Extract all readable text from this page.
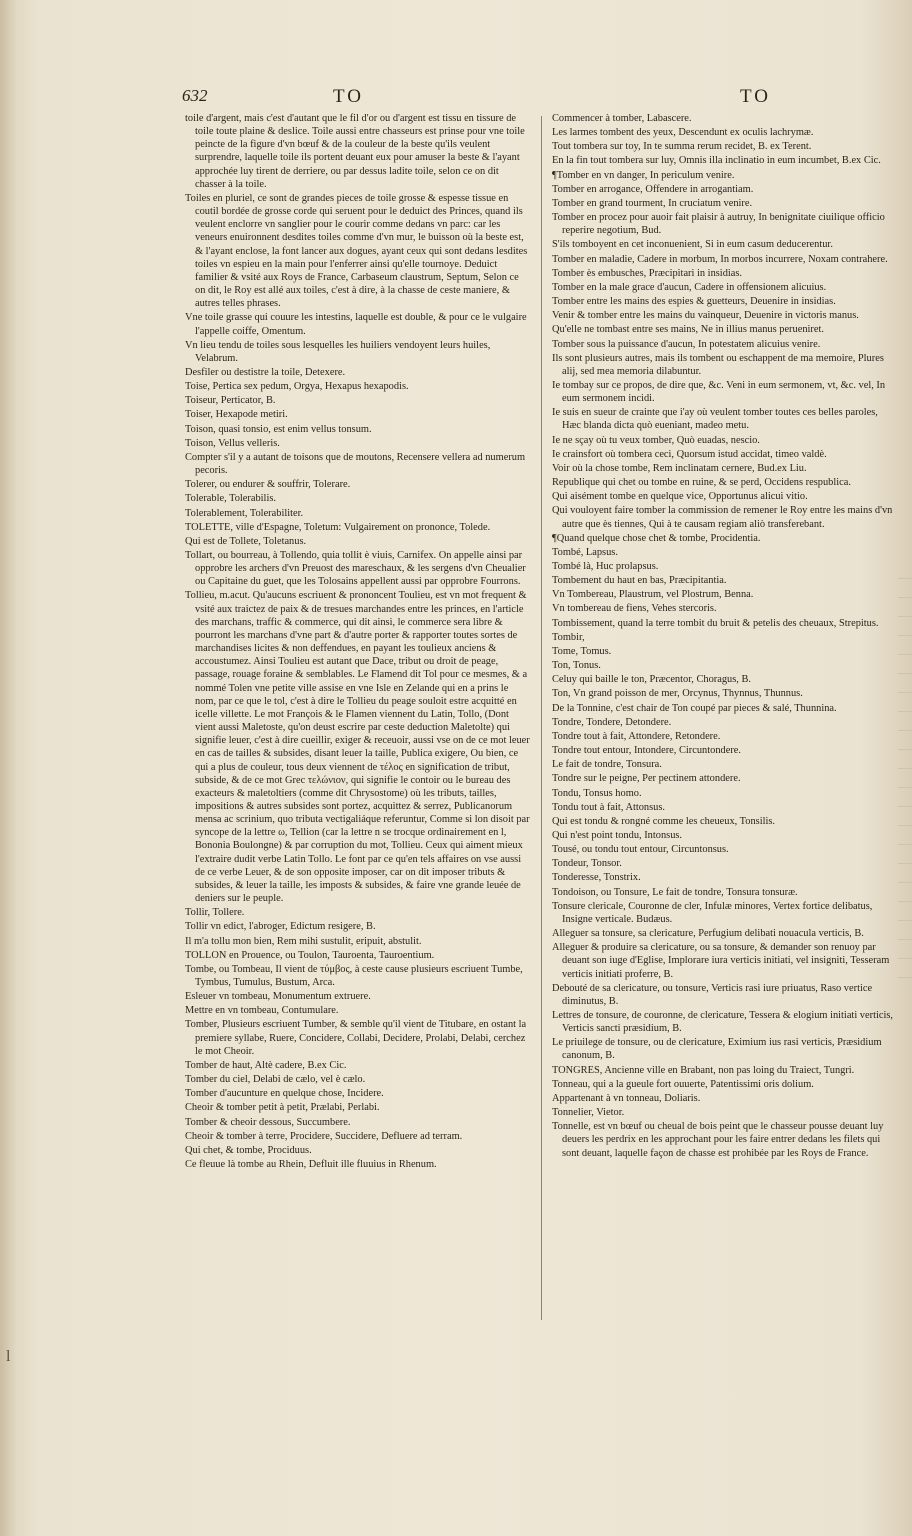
632	TO	TO

toile d'argent, mais c'est d'autant que le fil d'or ou d'argent est tissu en tissure de toile toute plaine & deslice. Toile aussi entre chasseurs est prinse pour vne toile peincte de la figure d'vn bœuf & de la couleur de la beste qu'ils veulent surprendre, laquelle toile ils portent deuant eux pour amuser la beste & l'ayant approchée luy tirent de derriere, ou par dessus ladite toile, selon ce on dit chasser à la toile.

Toiles en pluriel, ce sont de grandes pieces de toile grosse & espesse tissue en coutil bordée de grosse corde qui seruent pour le deduict des Princes, quand ils veulent enclorre vn sanglier pour le courir comme dedans vn parc: car les veneurs enuironnent desdites toiles comme d'vn mur, le buisson où la beste est, & l'ayant enclose, la font lancer aux dogues, ayant ceux qui sont dedans lesdites toiles vn espieu en la main pour l'enferrer ainsi qu'elle tournoye. Deduict familier & vsité aux Roys de France, Carbaseum claustrum, Septum, Selon ce on dit, le Roy est allé aux toiles, c'est à dire, à la chasse de ceste maniere, & autres telles phrases.

Vne toile grasse qui couure les intestins, laquelle est double, & pour ce le vulgaire l'appelle coiffe, Omentum.

Vn lieu tendu de toiles sous lesquelles les huiliers vendoyent leurs huiles, Velabrum.

Desfiler ou destistre la toile, Detexere.

Toise, Pertica sex pedum, Orgya, Hexapus hexapodis.

Toiseur, Perticator, B.

Toiser, Hexapode metiri.

Toison, quasi tonsio, est enim vellus tonsum.

Toison, Vellus velleris.

Compter s'il y a autant de toisons que de moutons, Recensere vellera ad numerum pecoris.

Tolerer, ou endurer & souffrir, Tolerare.

Tolerable, Tolerabilis.

Tolerablement, Tolerabiliter.

TOLETTE, ville d'Espagne, Toletum: Vulgairement on prononce, Tolede.

Qui est de Tollete, Toletanus.

Tollart, ou bourreau, à Tollendo, quia tollit è viuis, Carnifex. On appelle ainsi par opprobre les archers d'vn Preuost des mareschaux, & les sergens d'vn Cheualier ou Capitaine du guet, que les Tolosains appellent aussi par opprobre Fourrons.

Tollieu, m.acut. Qu'aucuns escriuent & prononcent Toulieu, est vn mot frequent & vsité aux traictez de paix & de tresues marchandes entre les princes, en l'article des marchans, traffic & commerce, qui dit ainsi, le commerce sera libre & pourront les marchans d'vne part & d'autre porter & rapporter toutes sortes de marchandises licites & non deffendues, en payant les toulieux anciens & accoustumez. Ainsi Toulieu est autant que Dace, tribut ou droit de peage, passage, rouage foraine & semblables. Le Flamend dit Tol pour ce mesmes, & a nommé Tolen vne petite ville assise en vne Isle en Zelande qui en a prins le nom, par ce que le tol, c'est à dire le Tollieu du peage souloit estre acquitté en icelle villette. Le mot François & le Flamen viennent du Latin, Tollo, (Dont vient aussi Maletoste, qu'on deust escrire par ceste deduction Maletolte) qui signifie leuer, c'est à dire cueillir, exiger & receuoir, aussi vse on de ce mot leuer en cas de tailles & subsides, disant leuer la taille, Publica exigere, Ou bien, ce qui a plus de couleur, tous deux viennent de τέλος en signification de tribut, subside, & de ce mot Grec τελώνιον, qui signifie le contoir ou le bureau des exacteurs & maletoltiers (comme dit Chrysostome) où les tributs, tailles, impositions & autres subsides sont portez, acquittez & serrez, Publicanorum mensa ac scrinium, quo tributa vectigaliáque referuntur, Comme si lon disoit par syncope de la lettre ω, Tellion (car la lettre n se trocque ordinairement en l, Bononia Boulongne) & par corruption du mot, Tollieu. Ceux qui aiment mieux l'extraire dudit verbe Latin Tollo. Le font par ce qu'en tels affaires on vse aussi de ce verbe Leuer, & de son opposite imposer, car on dit imposer tributs & subsides, & leuer la taille, les imposts & subsides, & faire vne grande leuée de deniers sur le peuple.

Tollir, Tollere.

Tollir vn edict, l'abroger, Edictum resigere, B.

Il m'a tollu mon bien, Rem mihi sustulit, eripuit, abstulit.

TOLLON en Prouence, ou Toulon, Tauroenta, Tauroentium.

Tombe, ou Tombeau, Il vient de τύμβος, à ceste cause plusieurs escriuent Tumbe, Tymbus, Tumulus, Bustum, Arca.

Esleuer vn tombeau, Monumentum extruere.

Mettre en vn tombeau, Contumulare.

Tomber, Plusieurs escriuent Tumber, & semble qu'il vient de Titubare, en ostant la premiere syllabe, Ruere, Concidere, Collabi, Decidere, Prolabi, Delabi, cerchez le mot Cheoir.

Tomber de haut, Altè cadere, B.ex Cic.

Tomber du ciel, Delabi de cælo, vel è cælo.

Tomber d'aucunture en quelque chose, Incidere.

Cheoir & tomber petit à petit, Prælabi, Perlabi.

Tomber & cheoir dessous, Succumbere.

Cheoir & tomber à terre, Procidere, Succidere, Defluere ad terram.

Qui chet, & tombe, Prociduus.

Ce fleuue là tombe au Rhein, Defluit ille fluuius in Rhenum.

Commencer à tomber, Labascere.

Les larmes tombent des yeux, Descendunt ex oculis lachrymæ.

Tout tombera sur toy, In te summa rerum recidet, B. ex Terent.

En la fin tout tombera sur luy, Omnis illa inclinatio in eum incumbet, B.ex Cic.

¶Tomber en vn danger, In periculum venire.

Tomber en arrogance, Offendere in arrogantiam.

Tomber en grand tourment, In cruciatum venire.

Tomber en procez pour auoir fait plaisir à autruy, In benignitate ciuilique officio reperire negotium, Bud.

S'ils tomboyent en cet inconuenient, Si in eum casum deducerentur.

Tomber en maladie, Cadere in morbum, In morbos incurrere, Noxam contrahere.

Tomber ès embusches, Præcipitari in insidias.

Tomber en la male grace d'aucun, Cadere in offensionem alicuius.

Tomber entre les mains des espies & guetteurs, Deuenire in insidias.

Venir & tomber entre les mains du vainqueur, Deuenire in victoris manus.

Qu'elle ne tombast entre ses mains, Ne in illius manus perueniret.

Tomber sous la puissance d'aucun, In potestatem alicuius venire.

Ils sont plusieurs autres, mais ils tombent ou eschappent de ma memoire, Plures alij, sed mea memoria dilabuntur.

Ie tombay sur ce propos, de dire que, &c. Veni in eum sermonem, vt, &c. vel, In eum sermonem incidi.

Ie suis en sueur de crainte que i'ay où veulent tomber toutes ces belles paroles, Hæc blanda dicta quò eueniant, madeo metu.

Ie ne sçay où tu veux tomber, Quò euadas, nescio.

Ie crainsfort où tombera ceci, Quorsum istud accidat, timeo valdè.

Voir où la chose tombe, Rem inclinatam cernere, Bud.ex Liu.

Republique qui chet ou tombe en ruine, & se perd, Occidens respublica.

Qui aisément tombe en quelque vice, Opportunus alicui vitio.

Qui vouloyent faire tomber la commission de remener le Roy entre les mains d'vn autre que ès tiennes, Qui à te causam regiam aliò transferebant.

¶Quand quelque chose chet & tombe, Procidentia.

Tombé, Lapsus.

Tombé là, Huc prolapsus.

Tombement du haut en bas, Præcipitantia.

Vn Tombereau, Plaustrum, vel Plostrum, Benna.

Vn tombereau de fiens, Vehes stercoris.

Tombissement, quand la terre tombit du bruit & petelis des cheuaux, Strepitus.

Tombir,

Tome, Tomus.

Ton, Tonus.

Celuy qui baille le ton, Præcentor, Choragus, B.

Ton, Vn grand poisson de mer, Orcynus, Thynnus, Thunnus.

De la Tonnine, c'est chair de Ton coupé par pieces & salé, Thunnina.

Tondre, Tondere, Detondere.

Tondre tout à fait, Attondere, Retondere.

Tondre tout entour, Intondere, Circuntondere.

Le fait de tondre, Tonsura.

Tondre sur le peigne, Per pectinem attondere.

Tondu, Tonsus homo.

Tondu tout à fait, Attonsus.

Qui est tondu & rongné comme les cheueux, Tonsilis.

Qui n'est point tondu, Intonsus.

Tousé, ou tondu tout entour, Circuntonsus.

Tondeur, Tonsor.

Tonderesse, Tonstrix.

Tondoison, ou Tonsure, Le fait de tondre, Tonsura tonsuræ.

Tonsure clericale, Couronne de cler, Infulæ minores, Vertex fortice delibatus, Insigne verticale. Budæus.

Alleguer sa tonsure, sa clericature, Perfugium delibati nouacula verticis, B.

Alleguer & produire sa clericature, ou sa tonsure, & demander son renuoy par deuant son iuge d'Eglise, Implorare iura verticis initiati, vel insigniti, Tesseram verticis initiati proferre, B.

Debouté de sa clericature, ou tonsure, Verticis rasi iure priuatus, Raso vertice diminutus, B.

Lettres de tonsure, de couronne, de clericature, Tessera & elogium initiati verticis, Verticis sancti præsidium, B.

Le priuilege de tonsure, ou de clericature, Eximium ius rasi verticis, Præsidium canonum, B.

TONGRES, Ancienne ville en Brabant, non pas loing du Traiect, Tungri.

Tonneau, qui a la gueule fort ouuerte, Patentissimi oris dolium.

Appartenant à vn tonneau, Doliaris.

Tonnelier, Vietor.

Tonnelle, est vn bœuf ou cheual de bois peint que le chasseur pousse deuant luy deuers les perdrix en les approchant pour les faire entrer dedans les filets qui sont deuant, laquelle façon de chasse est prohibée par les Roys de France.

l
